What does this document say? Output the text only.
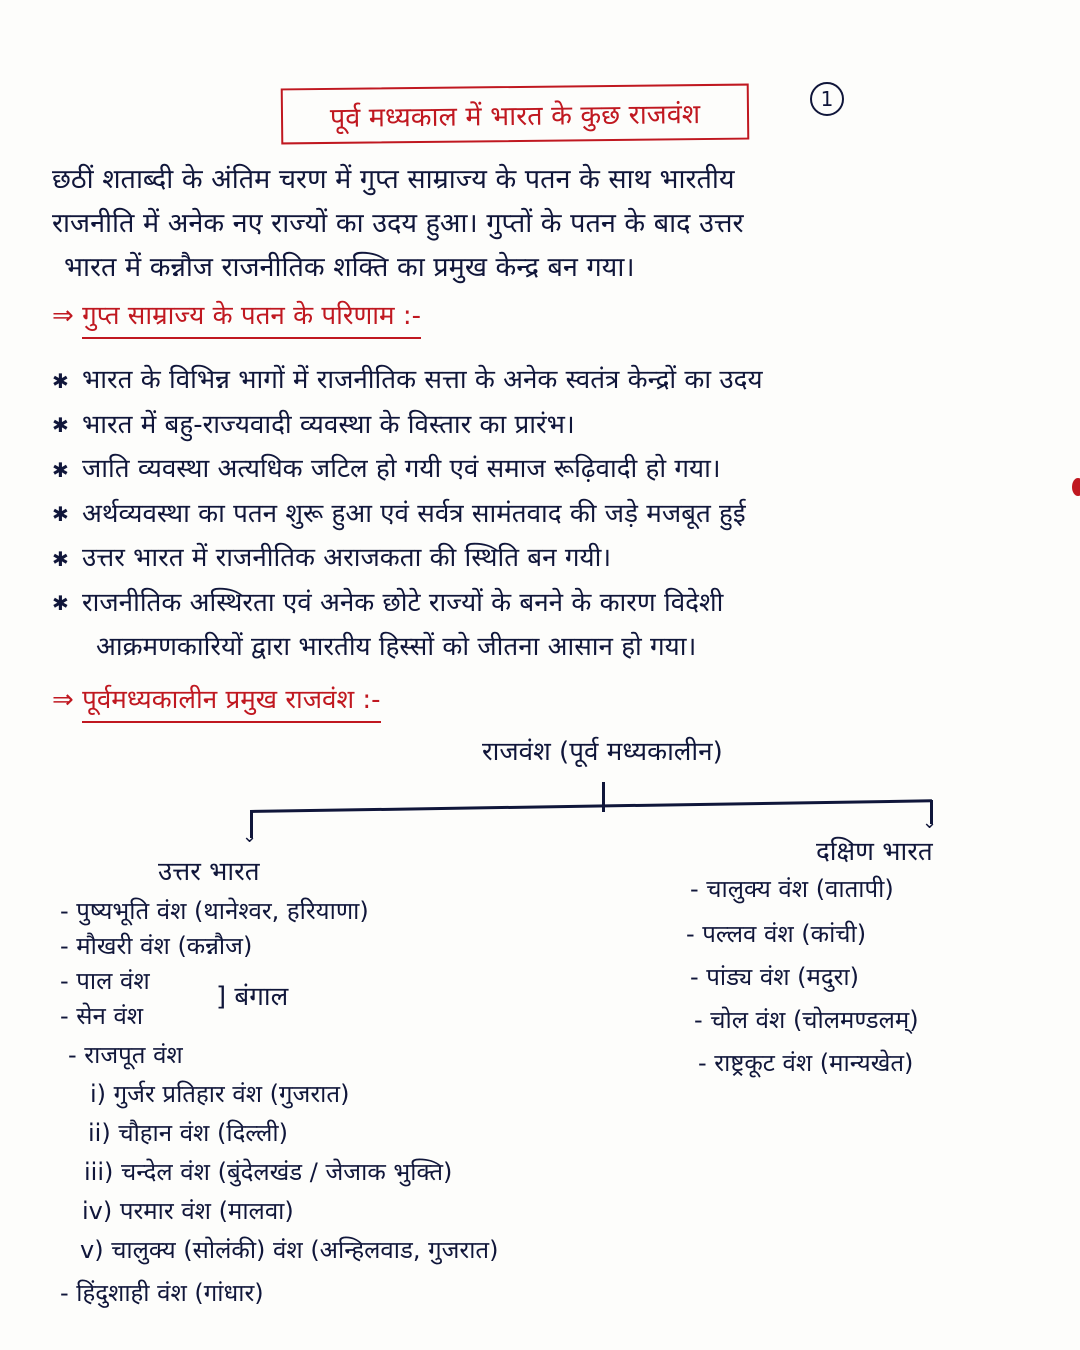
पूर्व मध्यकाल में भारत के कुछ राजवंश	1
छठीं शताब्दी के अंतिम चरण में गुप्त साम्राज्य के पतन के साथ भारतीय
राजनीति में अनेक नए राज्यों का उदय हुआ। गुप्तों के पतन के बाद उत्तर
भारत में कन्नौज राजनीतिक शक्ति का प्रमुख केन्द्र बन गया।
⇒ गुप्त साम्राज्य के पतन के परिणाम :-
✱ भारत के विभिन्न भागों में राजनीतिक सत्ता के अनेक स्वतंत्र केन्द्रों का उदय
✱ भारत में बहु-राज्यवादी व्यवस्था के विस्तार का प्रारंभ।
✱ जाति व्यवस्था अत्यधिक जटिल हो गयी एवं समाज रूढ़िवादी हो गया।
✱ अर्थव्यवस्था का पतन शुरू हुआ एवं सर्वत्र सामंतवाद की जड़े मजबूत हुई
✱ उत्तर भारत में राजनीतिक अराजकता की स्थिति बन गयी।
✱ राजनीतिक अस्थिरता एवं अनेक छोटे राज्यों के बनने के कारण विदेशी
आक्रमणकारियों द्वारा भारतीय हिस्सों को जीतना आसान हो गया।
⇒ पूर्वमध्यकालीन प्रमुख राजवंश :-
राजवंश (पूर्व मध्यकालीन)
⌄
⌄
उत्तर भारत
दक्षिण भारत
- पुष्यभूति वंश (थानेश्वर, हरियाणा)
- मौखरी वंश (कन्नौज)
- पाल वंश
- सेन वंश
] बंगाल
- राजपूत वंश
i) गुर्जर प्रतिहार वंश (गुजरात)
ii) चौहान वंश (दिल्ली)
iii) चन्देल वंश (बुंदेलखंड / जेजाक भुक्ति)
iv) परमार वंश (मालवा)
v) चालुक्य (सोलंकी) वंश (अन्हिलवाड, गुजरात)
- हिंदुशाही वंश (गांधार)
- चालुक्य वंश (वातापी)
- पल्लव वंश (कांची)
- पांड्य वंश (मदुरा)
- चोल वंश (चोलमण्डलम्)
- राष्ट्रकूट वंश (मान्यखेत)
